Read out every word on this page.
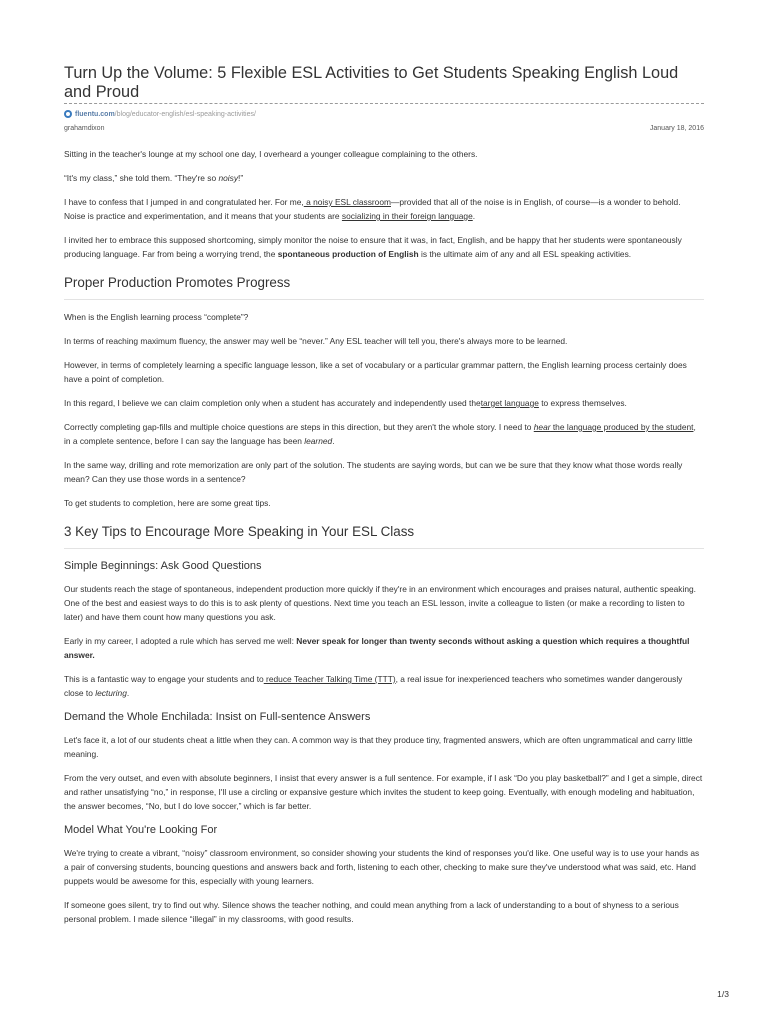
Turn Up the Volume: 5 Flexible ESL Activities to Get Students Speaking English Loud and Proud
fluentu.com/blog/educator-english/esl-speaking-activities/
grahamdixon	January 18, 2016

Sitting in the teacher's lounge at my school one day, I overheard a younger colleague complaining to the others.

“It's my class,” she told them. “They're so noisy!”

I have to confess that I jumped in and congratulated her. For me, a noisy ESL classroom—provided that all of the noise is in English, of course—is a wonder to behold. Noise is practice and experimentation, and it means that your students are socializing in their foreign language.

I invited her to embrace this supposed shortcoming, simply monitor the noise to ensure that it was, in fact, English, and be happy that her students were spontaneously producing language. Far from being a worrying trend, the spontaneous production of English is the ultimate aim of any and all ESL speaking activities.

Proper Production Promotes Progress

When is the English learning process “complete”?

In terms of reaching maximum fluency, the answer may well be “never.” Any ESL teacher will tell you, there's always more to be learned.

However, in terms of completely learning a specific language lesson, like a set of vocabulary or a particular grammar pattern, the English learning process certainly does have a point of completion.

In this regard, I believe we can claim completion only when a student has accurately and independently used thetarget language to express themselves.

Correctly completing gap-fills and multiple choice questions are steps in this direction, but they aren't the whole story. I need to hear the language produced by the student, in a complete sentence, before I can say the language has been learned.

In the same way, drilling and rote memorization are only part of the solution. The students are saying words, but can we be sure that they know what those words really mean? Can they use those words in a sentence?

To get students to completion, here are some great tips.

3 Key Tips to Encourage More Speaking in Your ESL Class
Simple Beginnings: Ask Good Questions

Our students reach the stage of spontaneous, independent production more quickly if they're in an environment which encourages and praises natural, authentic speaking. One of the best and easiest ways to do this is to ask plenty of questions. Next time you teach an ESL lesson, invite a colleague to listen (or make a recording to listen to later) and have them count how many questions you ask.

Early in my career, I adopted a rule which has served me well: Never speak for longer than twenty seconds without asking a question which requires a thoughtful answer.

This is a fantastic way to engage your students and to reduce Teacher Talking Time (TTT), a real issue for inexperienced teachers who sometimes wander dangerously close to lecturing.

Demand the Whole Enchilada: Insist on Full-sentence Answers

Let's face it, a lot of our students cheat a little when they can. A common way is that they produce tiny, fragmented answers, which are often ungrammatical and carry little meaning.

From the very outset, and even with absolute beginners, I insist that every answer is a full sentence. For example, if I ask “Do you play basketball?” and I get a simple, direct and rather unsatisfying “no,” in response, I'll use a circling or expansive gesture which invites the student to keep going. Eventually, with enough modeling and habituation, the answer becomes, “No, but I do love soccer,” which is far better.

Model What You're Looking For

We're trying to create a vibrant, “noisy” classroom environment, so consider showing your students the kind of responses you'd like. One useful way is to use your hands as a pair of conversing students, bouncing questions and answers back and forth, listening to each other, checking to make sure they've understood what was said, etc. Hand puppets would be awesome for this, especially with young learners.

If someone goes silent, try to find out why. Silence shows the teacher nothing, and could mean anything from a lack of understanding to a bout of shyness to a serious personal problem. I made silence “illegal” in my classrooms, with good results.

1/3
